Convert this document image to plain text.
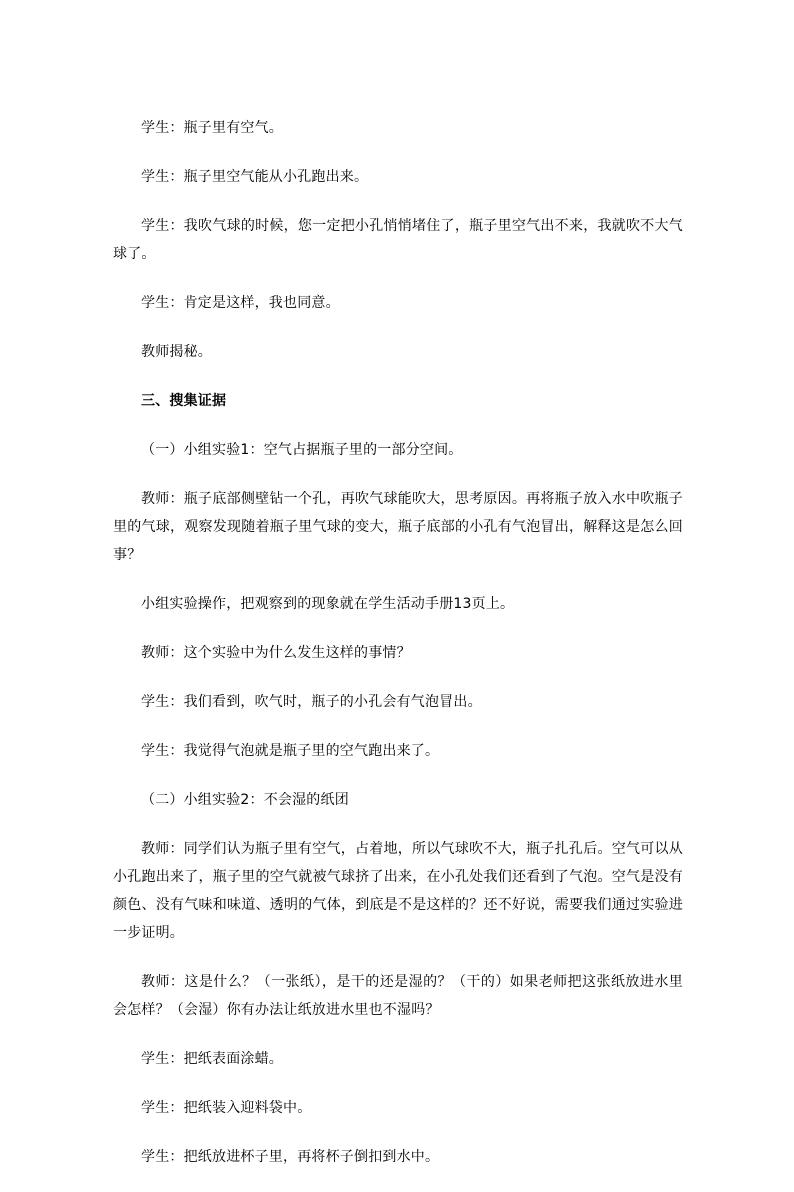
学生：瓶子里有空气。

学生：瓶子里空气能从小孔跑出来。

学生：我吹气球的时候，您一定把小孔悄悄堵住了，瓶子里空气出不来，我就吹不大气球了。

学生：肯定是这样，我也同意。

教师揭秘。

三、搜集证据

（一）小组实验1：空气占据瓶子里的一部分空间。

教师：瓶子底部侧壁钻一个孔，再吹气球能吹大，思考原因。再将瓶子放入水中吹瓶子里的气球，观察发现随着瓶子里气球的变大，瓶子底部的小孔有气泡冒出，解释这是怎么回事？

小组实验操作，把观察到的现象就在学生活动手册13页上。

教师：这个实验中为什么发生这样的事情？

学生：我们看到，吹气时，瓶子的小孔会有气泡冒出。

学生：我觉得气泡就是瓶子里的空气跑出来了。

（二）小组实验2：不会湿的纸团

教师：同学们认为瓶子里有空气，占着地，所以气球吹不大，瓶子扎孔后。空气可以从小孔跑出来了，瓶子里的空气就被气球挤了出来，在小孔处我们还看到了气泡。空气是没有颜色、没有气味和味道、透明的气体，到底是不是这样的？还不好说，需要我们通过实验进一步证明。

教师：这是什么？（一张纸），是干的还是湿的？（干的）如果老师把这张纸放进水里会怎样？（会湿）你有办法让纸放进水里也不湿吗？

学生：把纸表面涂蜡。

学生：把纸装入迎料袋中。

学生：把纸放进杯子里，再将杯子倒扣到水中。
